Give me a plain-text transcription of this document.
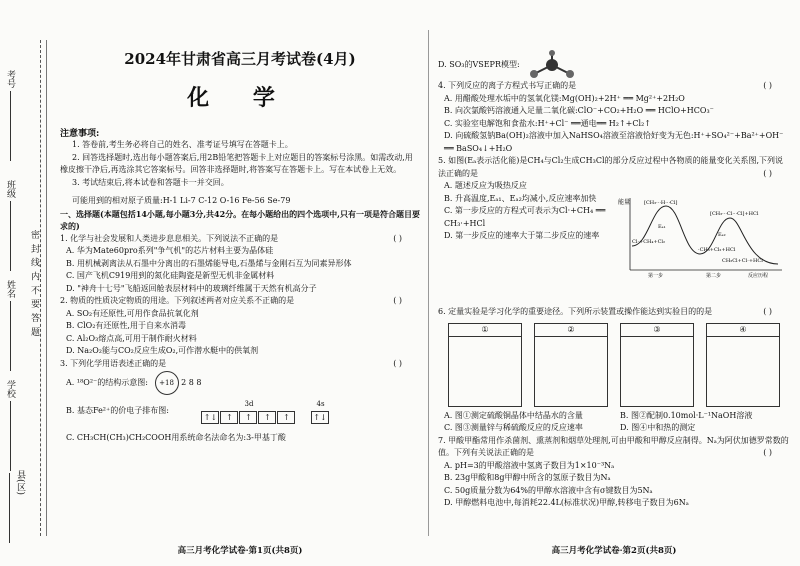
考号
班级
姓名
学校
县(区)
密 封 线 内 不 要 答 题
2024年甘肃省高三月考试卷(4月)
化 学
注意事项:

1. 答卷前,考生务必将自己的姓名、准考证号填写在答题卡上。

2. 回答选择题时,选出每小题答案后,用2B铅笔把答题卡上对应题目的答案标号涂黑。如需改动,用橡皮擦干净后,再选涂其它答案标号。回答非选择题时,将答案写在答题卡上。写在本试卷上无效。

3. 考试结束后,将本试卷和答题卡一并交回。

可能用到的相对原子质量:H-1 Li-7 C-12 O-16 Fe-56 Se-79

一、选择题(本题包括14小题,每小题3分,共42分。在每小题给出的四个选项中,只有一项是符合题目要求的)

1. 化学与社会发展和人类进步息息相关。下列说法不正确的是	( )

A. 华为Mate60pro系列"争气机"的芯片材料主要为晶体硅

B. 用机械剥离法从石墨中分离出的石墨烯能导电,石墨烯与金刚石互为同素异形体

C. 国产飞机C919用到的氮化硅陶瓷是新型无机非金属材料

D. "神舟十七号"飞船返回舱表层材料中的玻璃纤维属于天然有机高分子

2. 物质的性质决定物质的用途。下列叙述两者对应关系不正确的是	( )

A. SO₂有还原性,可用作食品抗氧化剂

B. ClO₂有还原性,用于自来水消毒

C. Al₂O₃熔点高,可用于制作耐火材料

D. Na₂O₂能与CO₂反应生成O₂,可作潜水艇中的供氧剂

3. 下列化学用语表述正确的是	( )

A. ¹⁸O²⁻的结构示意图: +18 2 8 8

B. 基态Fe²⁺的价电子排布图:
3d
↑↓ ↑ ↑ ↑ ↑
4s
↑↓

C. CH₃CH(CH₃)CH₂COOH用系统命名法命名为:3-甲基丁酸

高三月考化学试卷·第1页(共8页)

D. SO₃的VSEPR模型:

4. 下列反应的离子方程式书写正确的是	( )

A. 用醋酸处理水垢中的氢氧化镁:Mg(OH)₂+2H⁺ ══ Mg²⁺+2H₂O

B. 向次氯酸钙溶液通入足量二氧化碳:ClO⁻+CO₂+H₂O ══ HClO+HCO₃⁻

C. 实验室电解饱和食盐水:H⁺+Cl⁻ ══通电══ H₂↑+Cl₂↑

D. 向硫酸氢钠Ba(OH)₂溶液中加入NaHSO₄溶液至溶液恰好变为无色:H⁺+SO₄²⁻+Ba²⁺+OH⁻ ══ BaSO₄↓+H₂O

5. 如图(Eₐ表示活化能)是CH₄与Cl₂生成CH₃Cl的部分反应过程中各物质的能量变化关系图,下列说法正确的是	( )

A. 题述反应为吸热反应

B. 升高温度,Eₐ₁、Eₐ₂均减小,反应速率加快

C. 第一步反应的方程式可表示为Cl·+CH₄ ══ CH₃·+HCl

D. 第一步反应的速率大于第二步反应的速率

能量	[CH₃···H···Cl]
[CH₃···Cl···Cl]+HCl
·CH₃+Cl₂+HCl
Cl·+CH₄+Cl₂
CH₃Cl+Cl·+HCl
Eₐ₁
Eₐ₂
第一步	第二步	反应历程

6. 定量实验是学习化学的重要途径。下列所示装置或操作能达到实验目的的是	( )

①	②	③	④

A. 图①测定硫酸铜晶体中结晶水的含量	B. 图②配制0.10mol·L⁻¹NaOH溶液

C. 图③测量锌与稀硫酸反应的反应速率	D. 图④中和热的测定

7. 甲酸甲酯常用作杀菌剂、熏蒸剂和烟草处理剂,可由甲酸和甲醇反应制得。Nₐ为阿伏加德罗常数的值。下列有关说法正确的是	( )

A. pH=3的甲酸溶液中氢离子数目为1×10⁻³Nₐ

B. 23g甲酸和8g甲醇中所含的氢原子数目为Nₐ

C. 50g质量分数为64%的甲醇水溶液中含有σ键数目为5Nₐ

D. 甲醇燃料电池中,每消耗22.4L(标准状况)甲醇,转移电子数目为6Nₐ

高三月考化学试卷·第2页(共8页)
